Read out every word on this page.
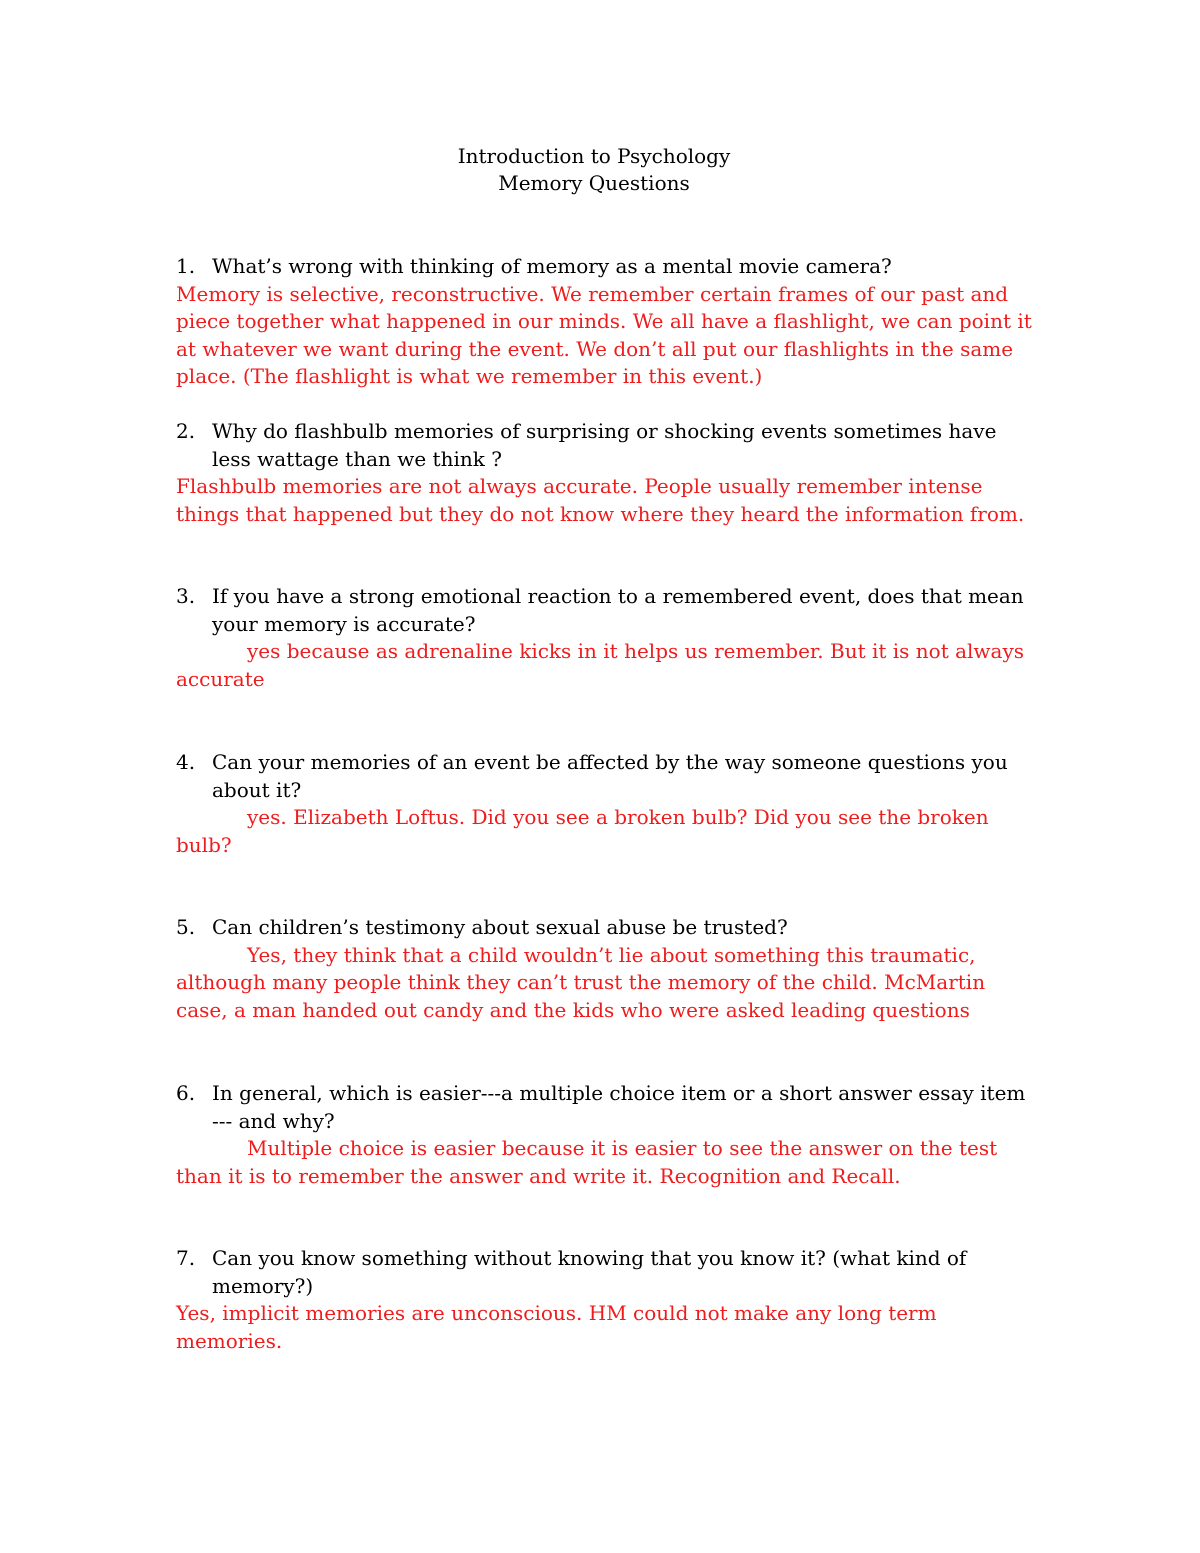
Introduction to Psychology
Memory Questions
1. What’s wrong with thinking of memory as a mental movie camera?
Memory is selective, reconstructive. We remember certain frames of our past and piece together what happened in our minds. We all have a flashlight, we can point it at whatever we want during the event. We don’t all put our flashlights in the same place. (The flashlight is what we remember in this event.)
2. Why do flashbulb memories of surprising or shocking events sometimes have less wattage than we think ?
Flashbulb memories are not always accurate. People usually remember intense things that happened but they do not know where they heard the information from.
3. If you have a strong emotional reaction to a remembered event, does that mean your memory is accurate?
yes because as adrenaline kicks in it helps us remember. But it is not always accurate
4. Can your memories of an event be affected by the way someone questions you about it?
yes. Elizabeth Loftus. Did you see a broken bulb? Did you see the broken bulb?
5. Can children’s testimony about sexual abuse be trusted?
Yes, they think that a child wouldn’t lie about something this traumatic, although many people think they can’t trust the memory of the child. McMartin case, a man handed out candy and the kids who were asked leading questions
6. In general, which is easier---a multiple choice item or a short answer essay item --- and why?
Multiple choice is easier because it is easier to see the answer on the test than it is to remember the answer and write it. Recognition and Recall.
7. Can you know something without knowing that you know it? (what kind of memory?)
Yes, implicit memories are unconscious. HM could not make any long term memories.
